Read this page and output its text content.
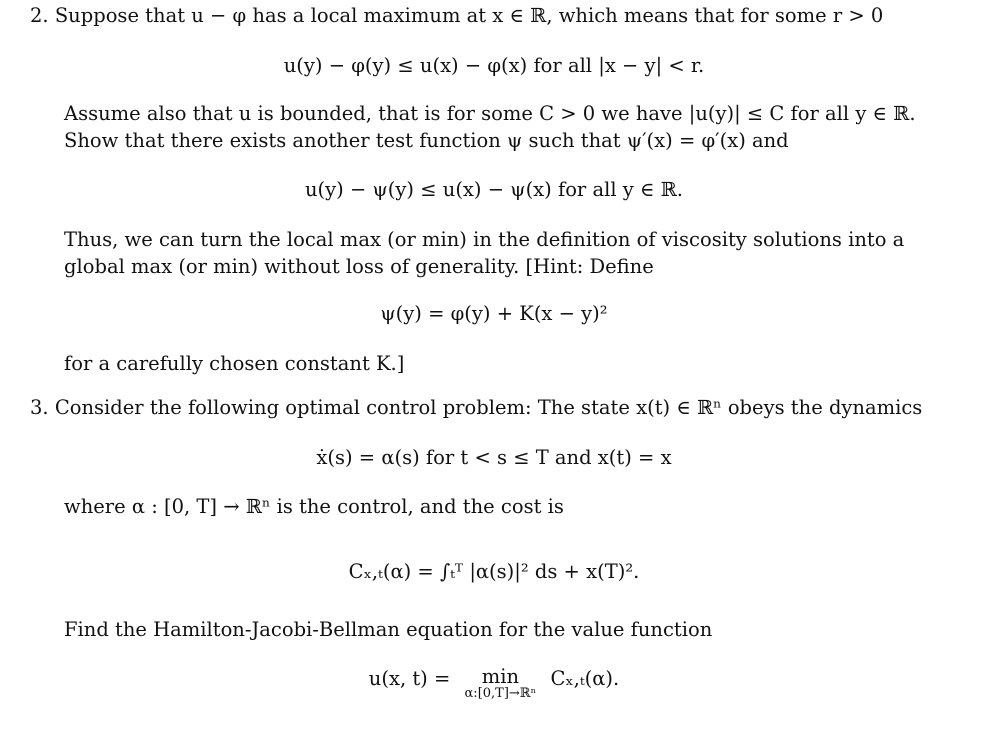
2. Suppose that u − φ has a local maximum at x ∈ ℝ, which means that for some r > 0
u(y) − φ(y) ≤ u(x) − φ(x) for all |x − y| < r.
Assume also that u is bounded, that is for some C > 0 we have |u(y)| ≤ C for all y ∈ ℝ.
Show that there exists another test function ψ such that ψ′(x) = φ′(x) and
u(y) − ψ(y) ≤ u(x) − ψ(x) for all y ∈ ℝ.
Thus, we can turn the local max (or min) in the definition of viscosity solutions into a
global max (or min) without loss of generality. [Hint: Define
ψ(y) = φ(y) + K(x − y)²
for a carefully chosen constant K.]
3. Consider the following optimal control problem: The state x(t) ∈ ℝⁿ obeys the dynamics
ẋ(s) = α(s) for t < s ≤ T and x(t) = x
where α : [0, T] → ℝⁿ is the control, and the cost is
Cₓ,ₜ(α) = ∫ₜᵀ |α(s)|² ds + x(T)².
Find the Hamilton-Jacobi-Bellman equation for the value function
u(x, t) =	min
α:[0,T]→ℝⁿ
Cₓ,ₜ(α).
